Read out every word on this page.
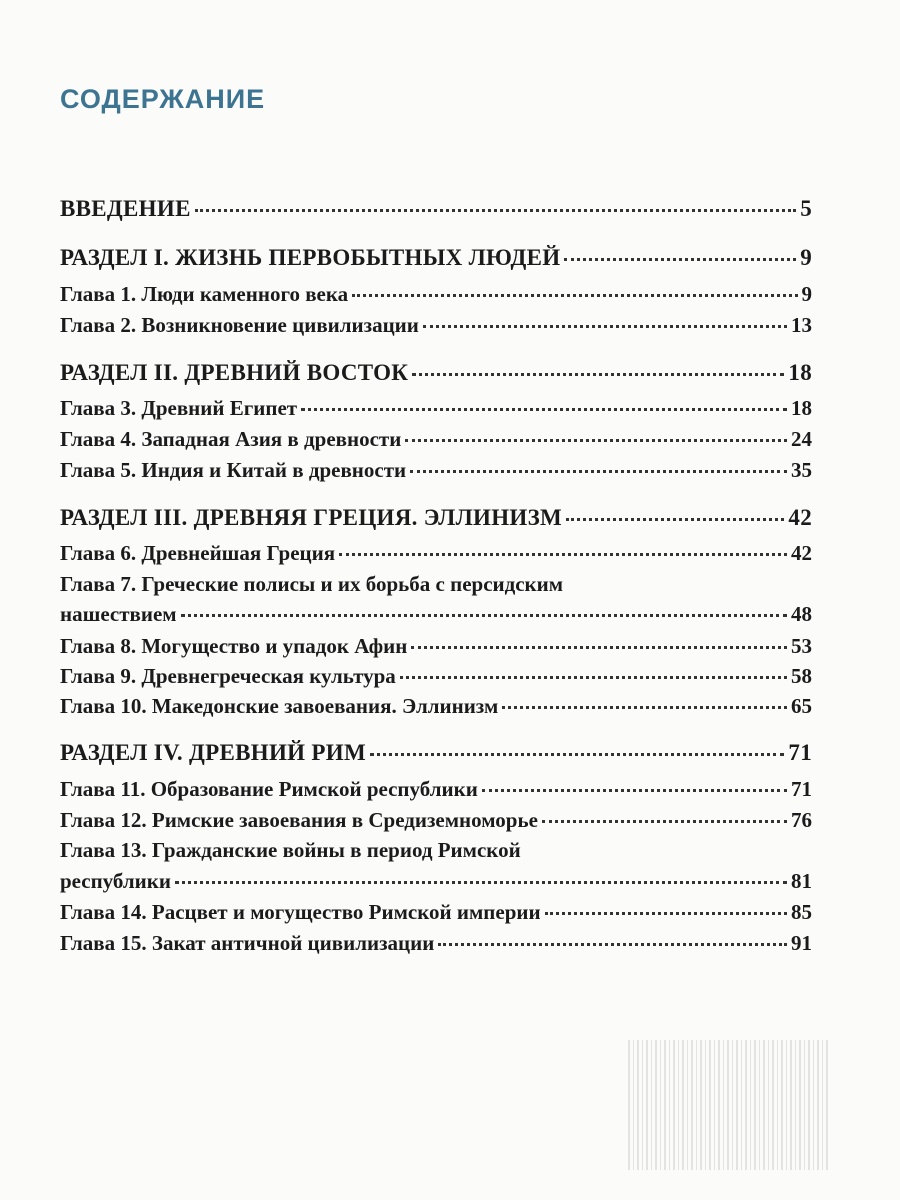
СОДЕРЖАНИЕ
ВВЕДЕНИЕ	5
РАЗДЕЛ I. ЖИЗНЬ ПЕРВОБЫТНЫХ ЛЮДЕЙ	9
Глава 1. Люди каменного века	9
Глава 2. Возникновение цивилизации	13
РАЗДЕЛ II. ДРЕВНИЙ ВОСТОК	18
Глава 3. Древний Египет	18
Глава 4. Западная Азия в древности	24
Глава 5. Индия и Китай в древности	35
РАЗДЕЛ III. ДРЕВНЯЯ ГРЕЦИЯ. ЭЛЛИНИЗМ	42
Глава 6. Древнейшая Греция	42
Глава 7. Греческие полисы и их борьба с персидским
нашествием	48
Глава 8. Могущество и упадок Афин	53
Глава 9. Древнегреческая культура	58
Глава 10. Македонские завоевания. Эллинизм	65
РАЗДЕЛ IV. ДРЕВНИЙ РИМ	71
Глава 11. Образование Римской республики	71
Глава 12. Римские завоевания в Средиземноморье	76
Глава 13. Гражданские войны в период Римской
республики	81
Глава 14. Расцвет и могущество Римской империи	85
Глава 15. Закат античной цивилизации	91
